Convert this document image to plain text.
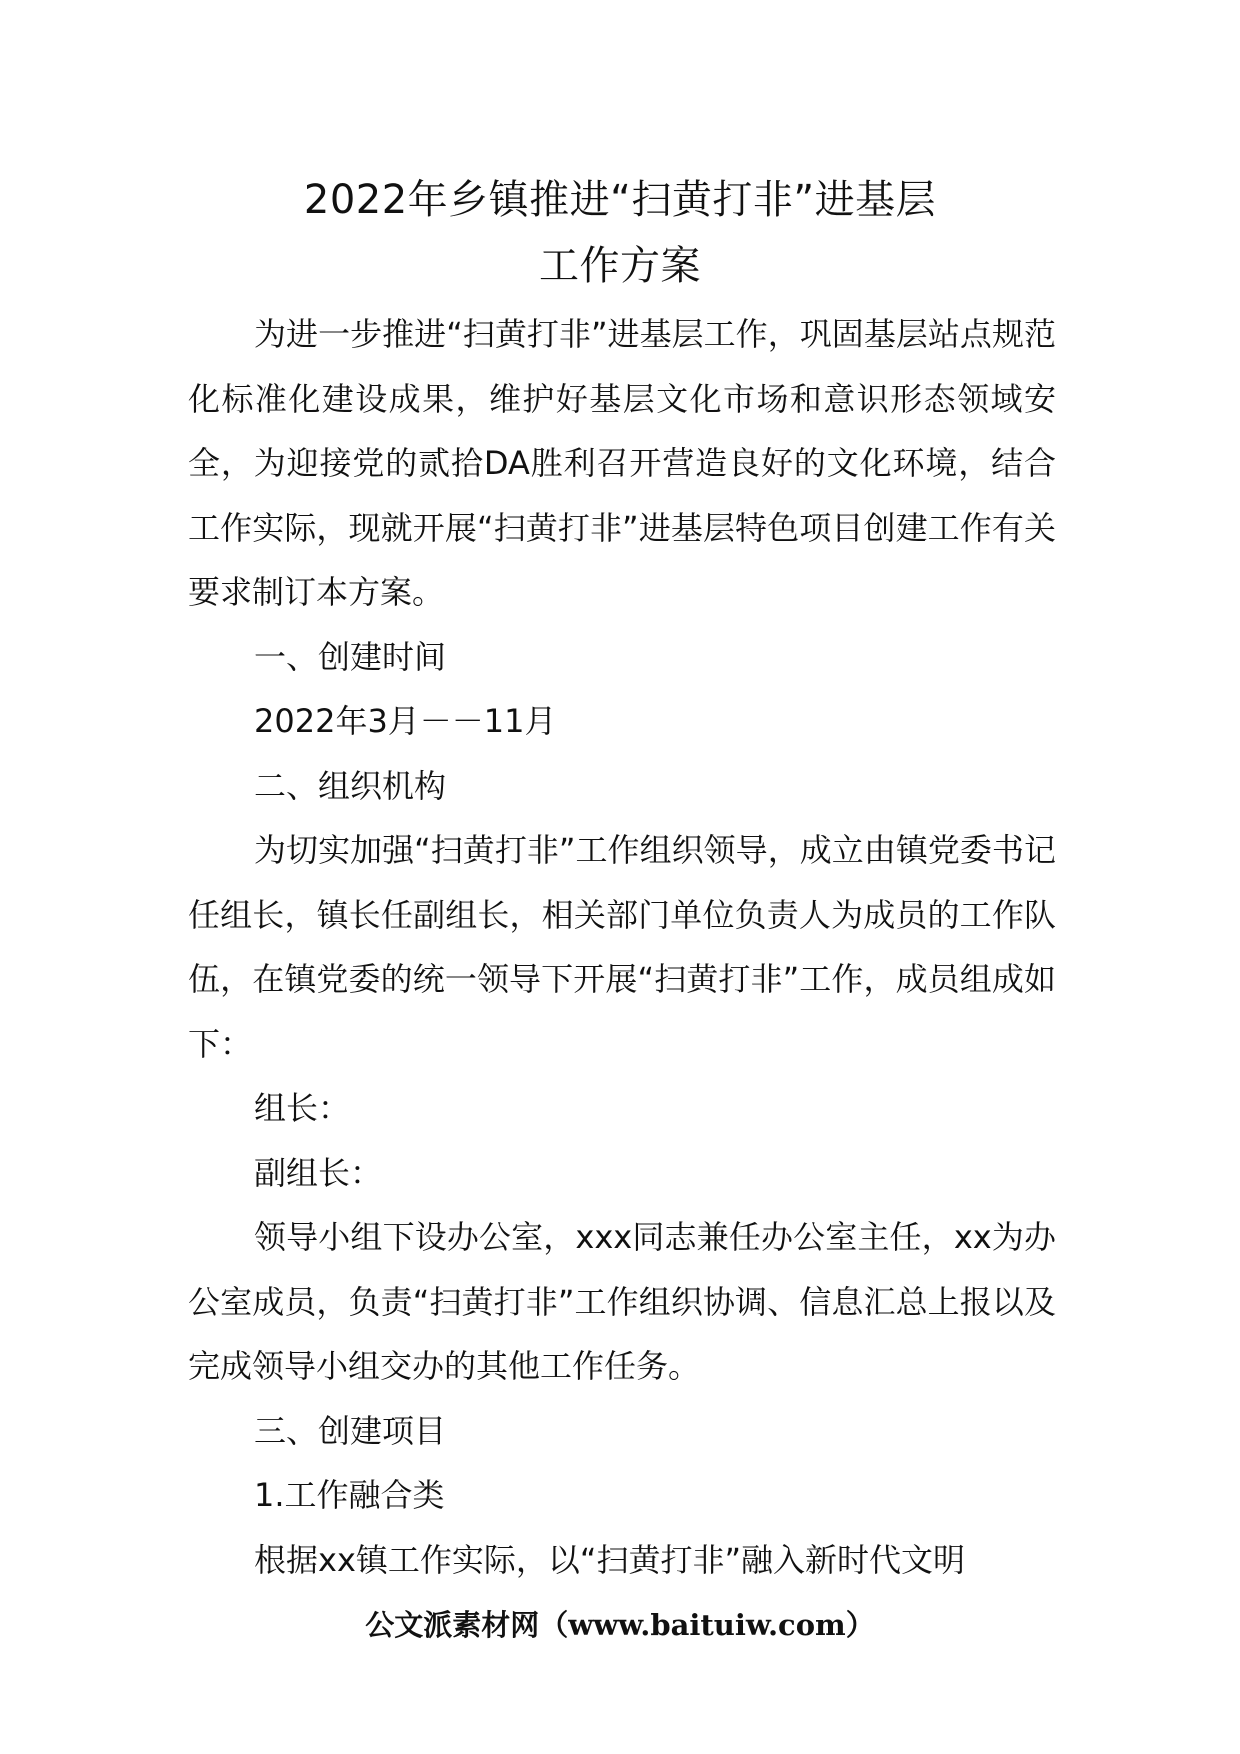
2022年乡镇推进“扫黄打非”进基层
工作方案

为进一步推进“扫黄打非”进基层工作，巩固基层站点规范化标准化建设成果，维护好基层文化市场和意识形态领域安全，为迎接党的贰拾DA胜利召开营造良好的文化环境，结合工作实际，现就开展“扫黄打非”进基层特色项目创建工作有关要求制订本方案。

一、创建时间

2022年3月－－11月

二、组织机构

为切实加强“扫黄打非”工作组织领导，成立由镇党委书记任组长，镇长任副组长，相关部门单位负责人为成员的工作队伍，在镇党委的统一领导下开展“扫黄打非”工作，成员组成如下：

组长：

副组长：

领导小组下设办公室，xxx同志兼任办公室主任，xx为办公室成员，负责“扫黄打非”工作组织协调、信息汇总上报以及完成领导小组交办的其他工作任务。

三、创建项目

1.工作融合类

根据xx镇工作实际，以“扫黄打非”融入新时代文明

公文派素材网（www.baituiw.com）
